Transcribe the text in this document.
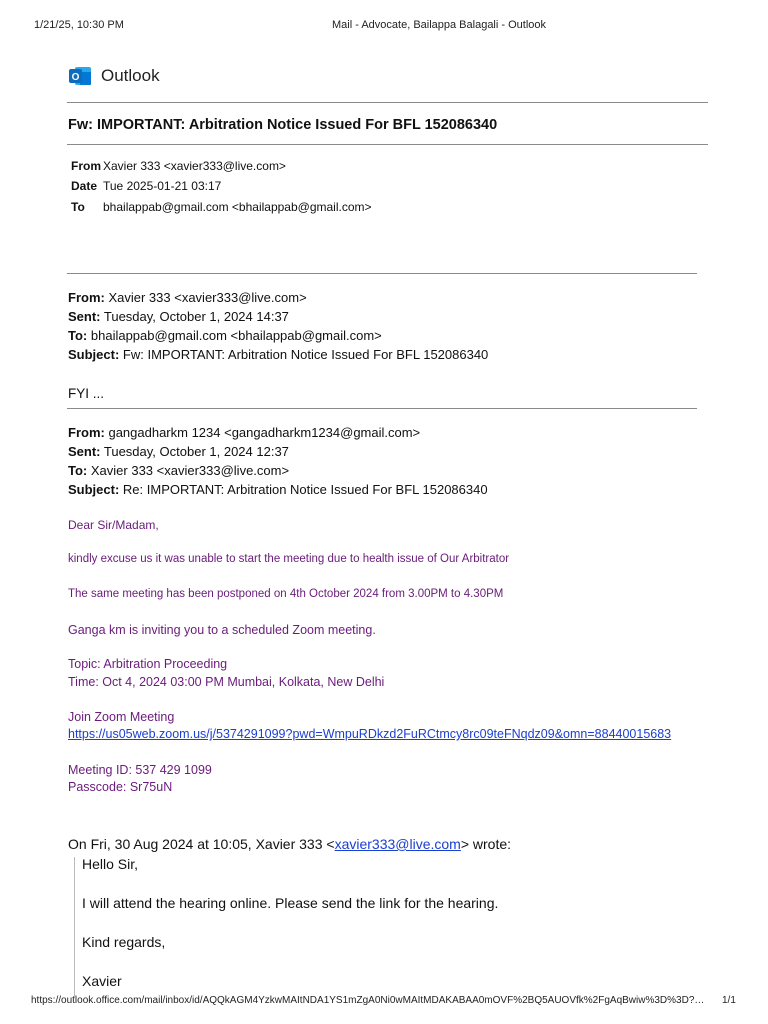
1/21/25, 10:30 PM	Mail - Advocate, Bailappa Balagali - Outlook
O Outlook
Fw: IMPORTANT: Arbitration Notice Issued For BFL 152086340
From Xavier 333 <xavier333@live.com>
Date Tue 2025-01-21 03:17
To bhailappab@gmail.com <bhailappab@gmail.com>
From: Xavier 333 <xavier333@live.com>
Sent: Tuesday, October 1, 2024 14:37
To: bhailappab@gmail.com <bhailappab@gmail.com>
Subject: Fw: IMPORTANT: Arbitration Notice Issued For BFL 152086340
FYI ...
From: gangadharkm 1234 <gangadharkm1234@gmail.com>
Sent: Tuesday, October 1, 2024 12:37
To: Xavier 333 <xavier333@live.com>
Subject: Re: IMPORTANT: Arbitration Notice Issued For BFL 152086340
Dear Sir/Madam,
kindly excuse us it was unable to start the meeting due to health issue of Our Arbitrator
The same meeting has been postponed on 4th October 2024 from 3.00PM to 4.30PM
Ganga km is inviting you to a scheduled Zoom meeting.
Topic: Arbitration Proceeding
Time: Oct 4, 2024 03:00 PM Mumbai, Kolkata, New Delhi
Join Zoom Meeting
https://us05web.zoom.us/j/5374291099?pwd=WmpuRDkzd2FuRCtmcy8rc09teFNqdz09&omn=88440015683
Meeting ID: 537 429 1099
Passcode: Sr75uN
On Fri, 30 Aug 2024 at 10:05, Xavier 333 <xavier333@live.com> wrote:
Hello Sir,
I will attend the hearing online. Please send the link for the hearing.
Kind regards,
Xavier
https://outlook.office.com/mail/inbox/id/AQQkAGM4YzkwMAItNDA1YS1mZgA0Ni0wMAItMDAKABAA0mOVF%2BQ5AUOVfk%2FgAqBwiw%3D%3D?…	1/1
